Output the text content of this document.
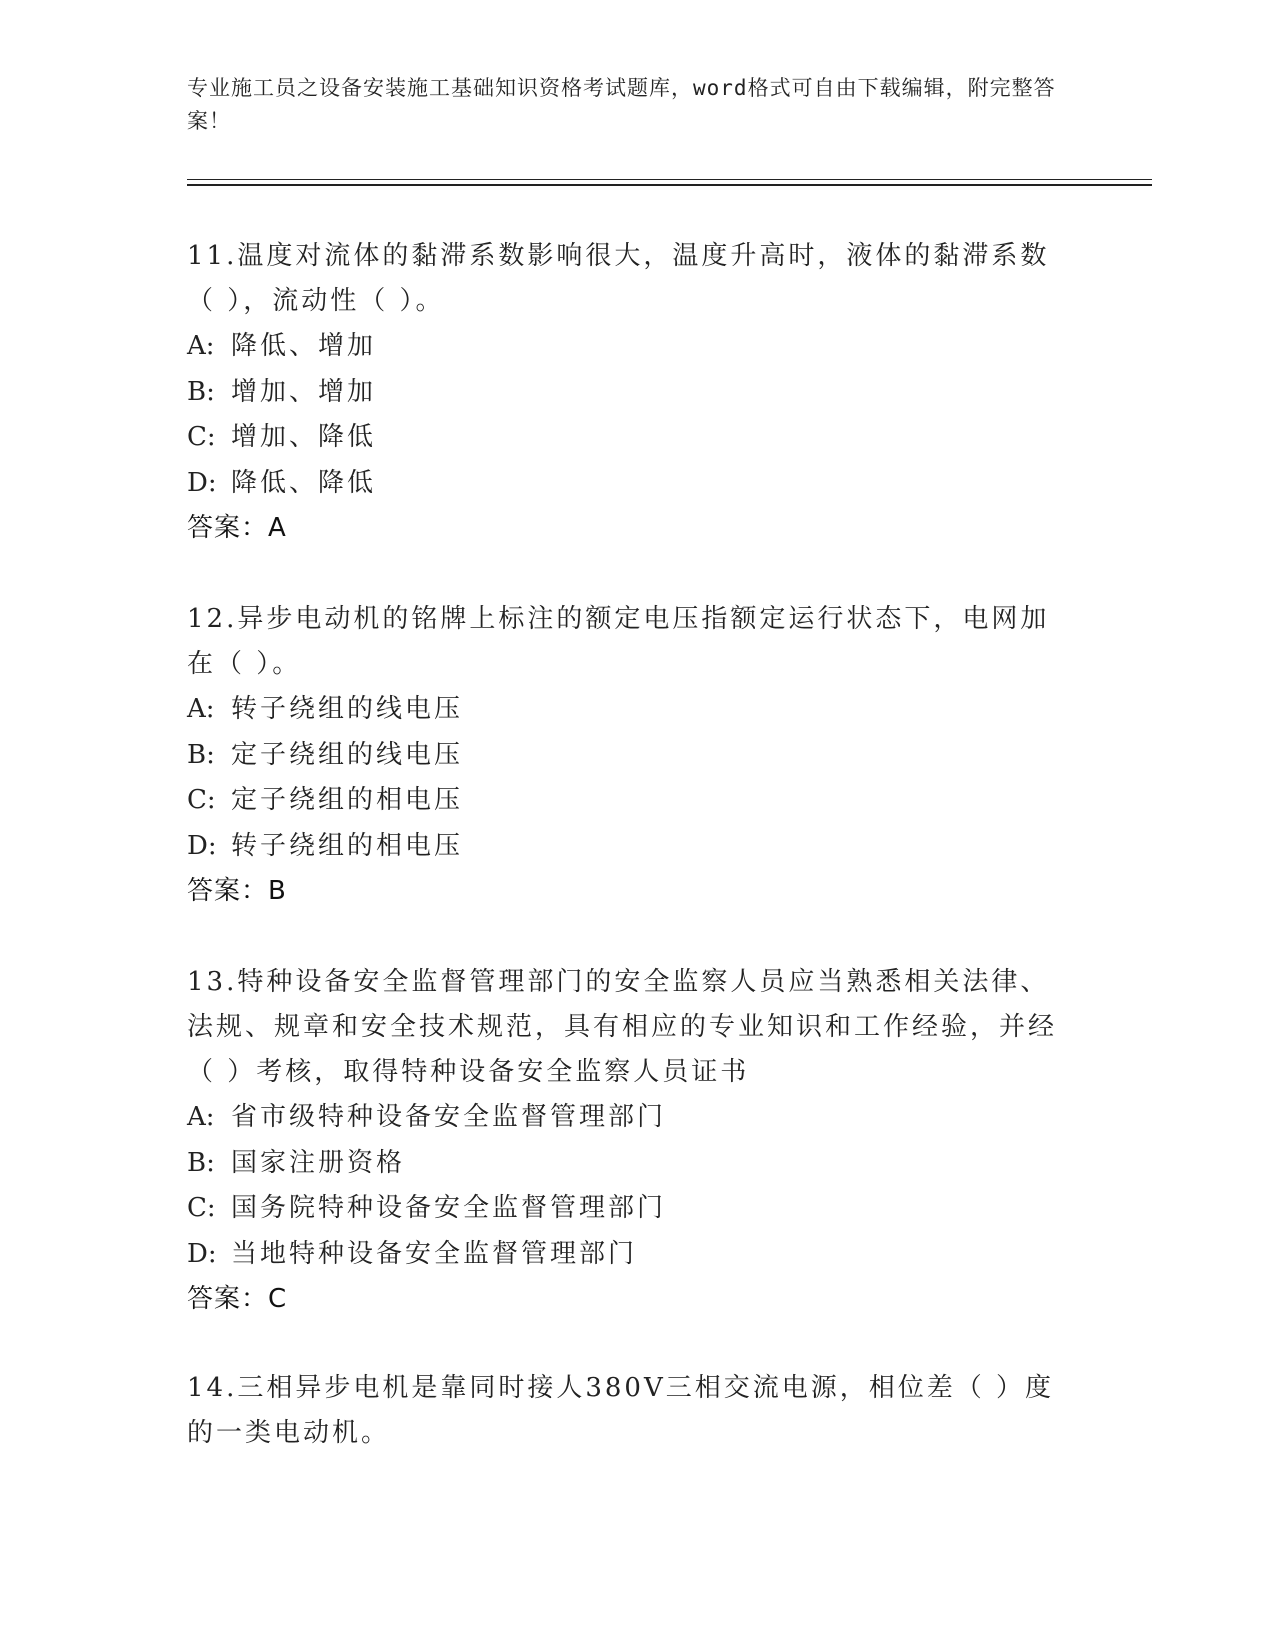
专业施工员之设备安装施工基础知识资格考试题库，word格式可自由下载编辑，附完整答案！

11.温度对流体的黏滞系数影响很大，温度升高时，液体的黏滞系数（ ），流动性（ ）。

A: 降低、增加

B: 增加、增加

C: 增加、降低

D: 降低、降低

答案：A

12.异步电动机的铭牌上标注的额定电压指额定运行状态下，电网加在（ ）。

A: 转子绕组的线电压

B: 定子绕组的线电压

C: 定子绕组的相电压

D: 转子绕组的相电压

答案：B

13.特种设备安全监督管理部门的安全监察人员应当熟悉相关法律、法规、规章和安全技术规范，具有相应的专业知识和工作经验，并经（ ）考核，取得特种设备安全监察人员证书

A: 省市级特种设备安全监督管理部门

B: 国家注册资格

C: 国务院特种设备安全监督管理部门

D: 当地特种设备安全监督管理部门

答案：C

14.三相异步电机是靠同时接人380V三相交流电源，相位差（ ）度的一类电动机。
